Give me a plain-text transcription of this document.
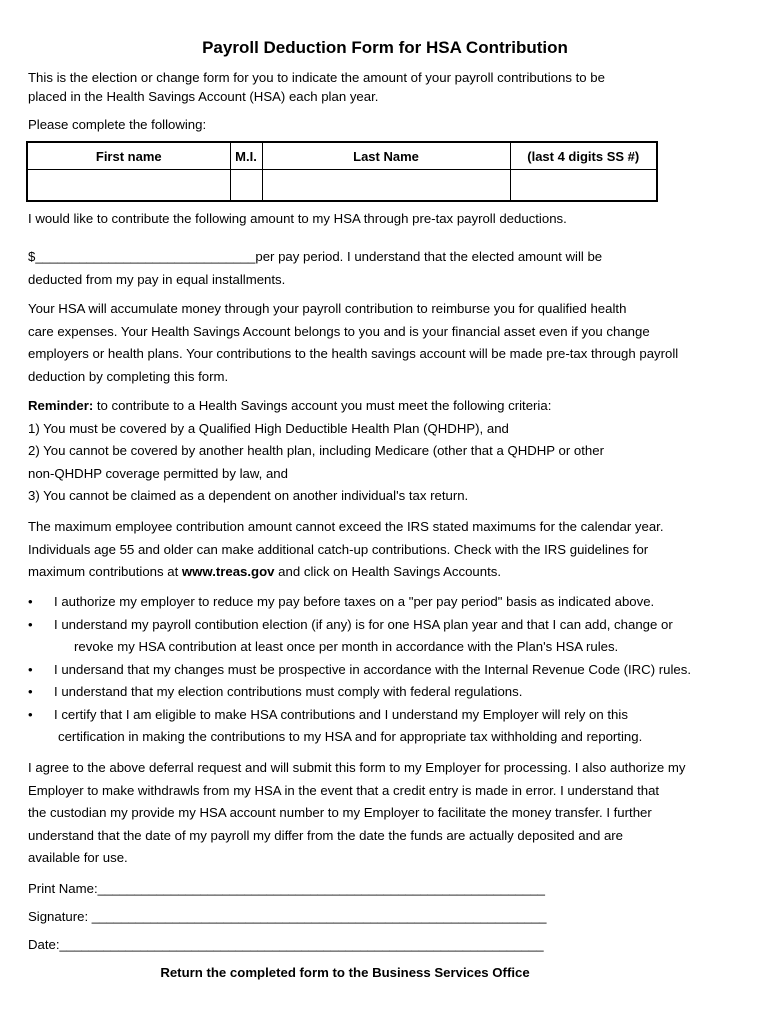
Payroll Deduction Form for HSA Contribution
This is the election or change form for you to indicate the amount of your payroll contributions to be
placed in the Health Savings Account (HSA) each plan year.
Please complete the following:
First name	M.I.	Last Name	(last 4 digits SS #)

I would like to contribute the following amount to my HSA through pre-tax payroll deductions.
$______________________________per pay period. I understand that the elected amount will be
deducted from my pay in equal installments.
Your HSA will accumulate money through your payroll contribution to reimburse you for qualified health
care expenses. Your Health Savings Account belongs to you and is your financial asset even if you change
employers or health plans. Your contributions to the health savings account will be made pre-tax through payroll
deduction by completing this form.
Reminder: to contribute to a Health Savings account you must meet the following criteria:
1) You must be covered by a Qualified High Deductible Health Plan (QHDHP), and
2) You cannot be covered by another health plan, including Medicare (other that a QHDHP or other
non-QHDHP coverage permitted by law, and
3) You cannot be claimed as a dependent on another individual's tax return.
The maximum employee contribution amount cannot exceed the IRS stated maximums for the calendar year.
Individuals age 55 and older can make additional catch-up contributions. Check with the IRS guidelines for
maximum contributions at www.treas.gov and click on Health Savings Accounts.
• I authorize my employer to reduce my pay before taxes on a "per pay period" basis as indicated above.
• I understand my payroll contibution election (if any) is for one HSA plan year and that I can add, change or
revoke my HSA contribution at least once per month in accordance with the Plan's HSA rules.
• I undersand that my changes must be prospective in accordance with the Internal Revenue Code (IRC) rules.
• I understand that my election contributions must comply with federal regulations.
• I certify that I am eligible to make HSA contributions and I understand my Employer will rely on this
certification in making the contributions to my HSA and for appropriate tax withholding and reporting.
I agree to the above deferral request and will submit this form to my Employer for processing. I also authorize my
Employer to make withdrawls from my HSA in the event that a credit entry is made in error. I understand that
the custodian my provide my HSA account number to my Employer to facilitate the money transfer. I further
understand that the date of my payroll my differ from the date the funds are actually deposited and are
available for use.
Print Name:_____________________________________________________________
Signature: ______________________________________________________________
Date:__________________________________________________________________
Return the completed form to the Business Services Office
